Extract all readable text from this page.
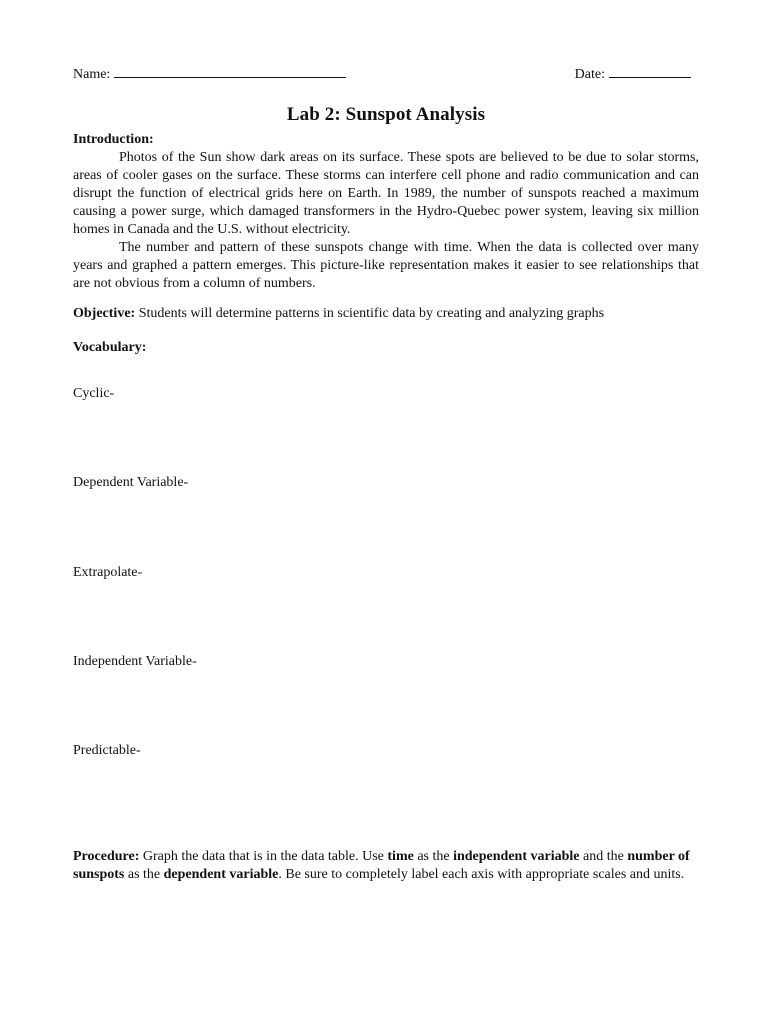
Name:	Date:
Lab 2: Sunspot Analysis
Introduction:

Photos of the Sun show dark areas on its surface. These spots are believed to be due to solar storms, areas of cooler gases on the surface. These storms can interfere cell phone and radio communication and can disrupt the function of electrical grids here on Earth. In 1989, the number of sunspots reached a maximum causing a power surge, which damaged transformers in the Hydro-Quebec power system, leaving six million homes in Canada and the U.S. without electricity.

The number and pattern of these sunspots change with time. When the data is collected over many years and graphed a pattern emerges. This picture-like representation makes it easier to see relationships that are not obvious from a column of numbers.

Objective: Students will determine patterns in scientific data by creating and analyzing graphs

Vocabulary:
Cyclic-
Dependent Variable-
Extrapolate-
Independent Variable-
Predictable-

Procedure: Graph the data that is in the data table. Use time as the independent variable and the number of sunspots as the dependent variable. Be sure to completely label each axis with appropriate scales and units.
